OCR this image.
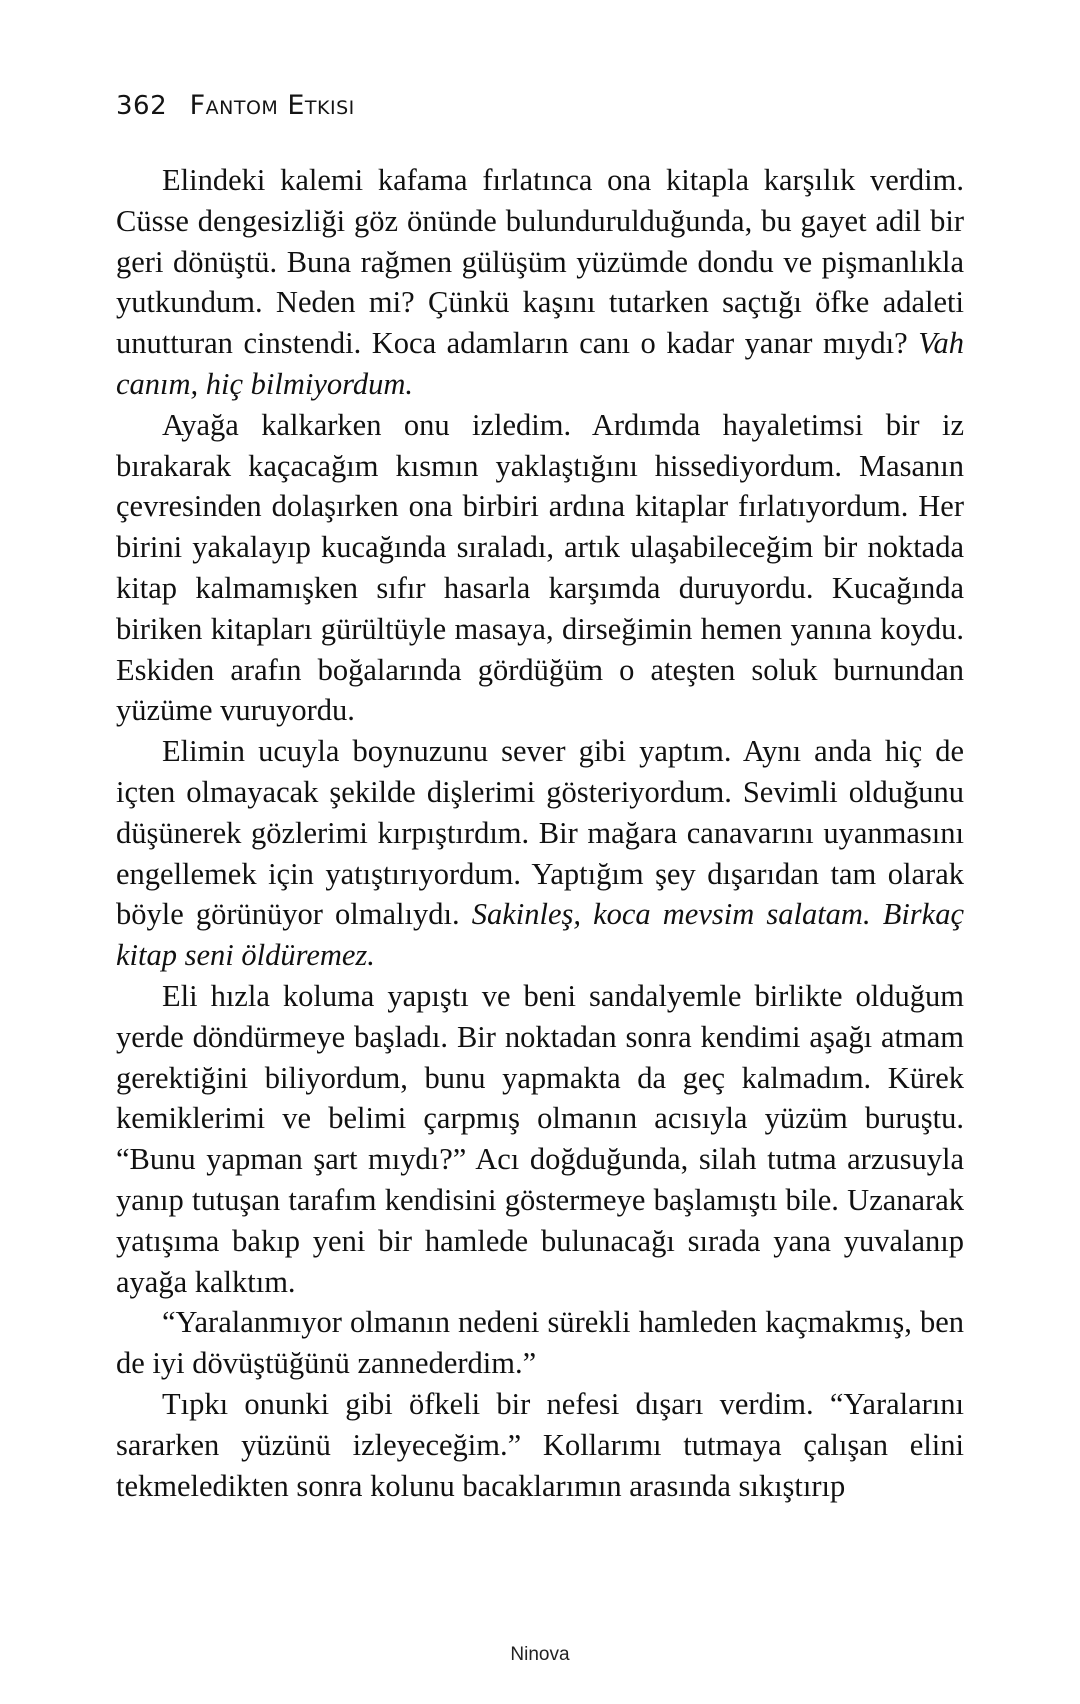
362 Fantom Etkisi

Elindeki kalemi kafama fırlatınca ona kitapla karşılık verdim. Cüsse dengesizliği göz önünde bulundurulduğunda, bu gayet adil bir geri dönüştü. Buna rağmen gülüşüm yüzümde dondu ve pişmanlıkla yutkundum. Neden mi? Çünkü kaşını tutarken saçtığı öfke adaleti unutturan cinstendi. Koca adamların canı o kadar yanar mıydı? Vah canım, hiç bilmiyordum.

Ayağa kalkarken onu izledim. Ardımda hayaletimsi bir iz bırakarak kaçacağım kısmın yaklaştığını hissediyordum. Masanın çevresinden dolaşırken ona birbiri ardına kitaplar fırlatıyordum. Her birini yakalayıp kucağında sıraladı, artık ulaşabileceğim bir noktada kitap kalmamışken sıfır hasarla karşımda duruyordu. Kucağında biriken kitapları gürültüyle masaya, dirseğimin hemen yanına koydu. Eskiden arafın boğalarında gördüğüm o ateşten soluk burnundan yüzüme vuruyordu.

Elimin ucuyla boynuzunu sever gibi yaptım. Aynı anda hiç de içten olmayacak şekilde dişlerimi gösteriyordum. Sevimli olduğunu düşünerek gözlerimi kırpıştırdım. Bir mağara canavarını uyanmasını engellemek için yatıştırıyordum. Yaptığım şey dışarıdan tam olarak böyle görünüyor olmalıydı. Sakinleş, koca mevsim salatam. Birkaç kitap seni öldüremez.

Eli hızla koluma yapıştı ve beni sandalyemle birlikte olduğum yerde döndürmeye başladı. Bir noktadan sonra kendimi aşağı atmam gerektiğini biliyordum, bunu yapmakta da geç kalmadım. Kürek kemiklerimi ve belimi çarpmış olmanın acısıyla yüzüm buruştu. “Bunu yapman şart mıydı?” Acı doğduğunda, silah tutma arzusuyla yanıp tutuşan tarafım kendisini göstermeye başlamıştı bile. Uzanarak yatışıma bakıp yeni bir hamlede bulunacağı sırada yana yuvalanıp ayağa kalktım.

“Yaralanmıyor olmanın nedeni sürekli hamleden kaçmakmış, ben de iyi dövüştüğünü zannederdim.”

Tıpkı onunki gibi öfkeli bir nefesi dışarı verdim. “Yaralarını sararken yüzünü izleyeceğim.” Kollarımı tutmaya çalışan elini tekmeledikten sonra kolunu bacaklarımın arasında sıkıştırıp

Ninova
